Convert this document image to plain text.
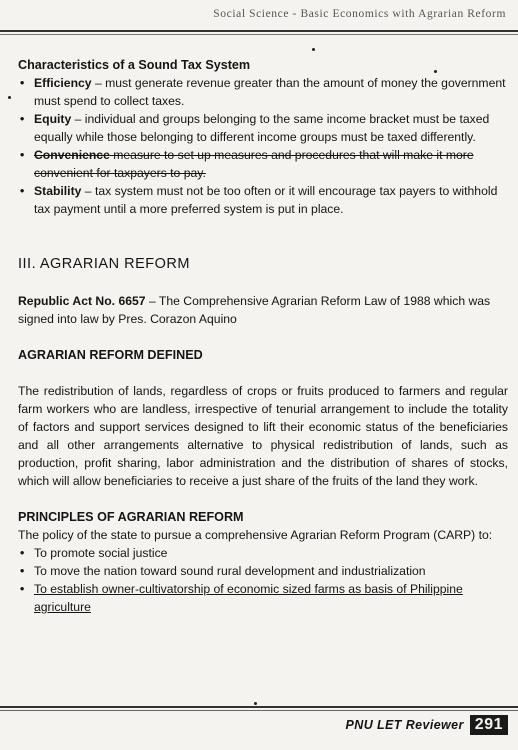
Social Science - Basic Economics with Agrarian Reform
Characteristics of a Sound Tax System
• Efficiency – must generate revenue greater than the amount of money the government must spend to collect taxes.
• Equity – individual and groups belonging to the same income bracket must be taxed equally while those belonging to different income groups must be taxed differently.
• Convenience measure to set up measures and procedures that will make it more convenient for taxpayers to pay.
• Stability – tax system must not be too often or it will encourage tax payers to withhold tax payment until a more preferred system is put in place.
III. AGRARIAN REFORM

Republic Act No. 6657 – The Comprehensive Agrarian Reform Law of 1988 which was signed into law by Pres. Corazon Aquino

AGRARIAN REFORM DEFINED

The redistribution of lands, regardless of crops or fruits produced to farmers and regular farm workers who are landless, irrespective of tenurial arrangement to include the totality of factors and support services designed to lift their economic status of the beneficiaries and all other arrangements alternative to physical redistribution of lands, such as production, profit sharing, labor administration and the distribution of shares of stocks, which will allow beneficiaries to receive a just share of the fruits of the land they work.

PRINCIPLES OF AGRARIAN REFORM

The policy of the state to pursue a comprehensive Agrarian Reform Program (CARP) to:

• To promote social justice
• To move the nation toward sound rural development and industrialization
• To establish owner-cultivatorship of economic sized farms as basis of Philippine agriculture
PNU LET Reviewer 291
